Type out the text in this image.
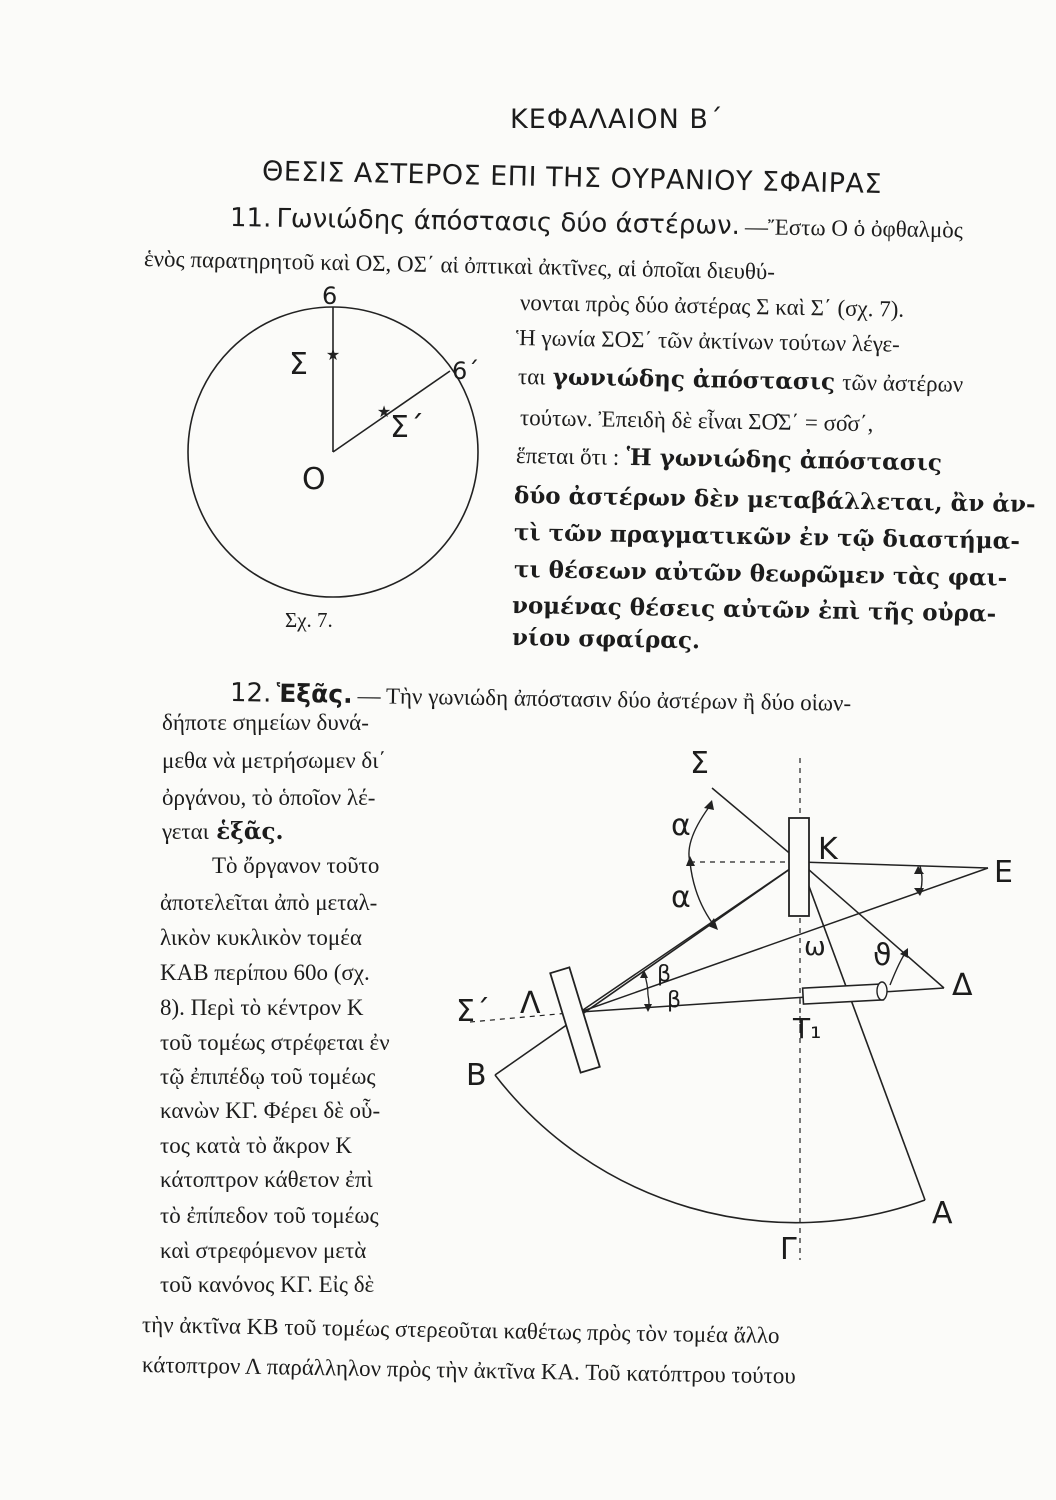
ΚΕΦΑΛΑΙΟΝ Β΄
ΘΕΣΙΣ ΑΣΤΕΡΟΣ ΕΠΙ ΤΗΣ ΟΥΡΑΝΙΟΥ ΣΦΑΙΡΑΣ
11. Γωνιώδης άπόστασις δύο άστέρων. —Ἔστω Ο ὁ ὀφθαλμὸς
ἑνὸς παρατηρητοῦ καὶ ΟΣ, ΟΣ΄ αἱ ὀπτικαὶ ἀκτῖνες, αἱ ὁποῖαι διευθύ-
νονται πρὸς δύο ἀστέρας Σ καὶ Σ΄ (σχ. 7).
Ἡ γωνία ΣΟΣ΄ τῶν ἀκτίνων τούτων λέγε-
ται γωνιώδης ἀπόστασις τῶν ἀστέρων
τούτων. Ἐπειδὴ δὲ εἶναι ΣΟ̂Σ΄ = σο̂σ΄,
ἕπεται ὅτι : Ἡ γωνιώδης ἀπόστασις
δύο ἀστέρων δὲν μεταβάλλεται, ἂν ἀν-
τὶ τῶν πραγματικῶν ἐν τῷ διαστήμα-
τι θέσεων αὐτῶν θεωρῶμεν τὰς φαι-
νομένας θέσεις αὐτῶν ἐπὶ τῆς οὐρα-
νίου σφαίρας.
★
★
6
Σ	6΄
Σ΄
O
Σχ. 7.
12. Ἑξᾶς. — Τὴν γωνιώδη ἀπόστασιν δύο ἀστέρων ἢ δύο οἱων-
δήποτε σημείων δυνά-
μεθα νὰ μετρήσωμεν δι΄
ὀργάνου, τὸ ὁποῖον λέ-
γεται ἑξᾶς.
Τὸ ὄργανον τοῦτο
ἀποτελεῖται ἀπὸ μεταλ-
λικὸν κυκλικὸν τομέα
ΚΑΒ περίπου 60ο (σχ.
8). Περὶ τὸ κέντρον Κ
τοῦ τομέως στρέφεται ἐν
τῷ ἐπιπέδῳ τοῦ τομέως
κανὼν ΚΓ. Φέρει δὲ οὗ-
τος κατὰ τὸ ἄκρον Κ
κάτοπτρον κάθετον ἐπὶ
τὸ ἐπίπεδον τοῦ τομέως
καὶ στρεφόμενον μετὰ
τοῦ κανόνος ΚΓ. Εἰς δὲ
τὴν ἀκτῖνα ΚΒ τοῦ τομέως στερεοῦται καθέτως πρὸς τὸν τομέα ἄλλο
κάτοπτρον Λ παράλληλον πρὸς τὴν ἀκτῖνα ΚΑ. Τοῦ κατόπτρου τούτου
Σ
α
α
K
E
ω ϑ
β
β
Λ
Σ΄
Δ
T₁
B
A
Γ
